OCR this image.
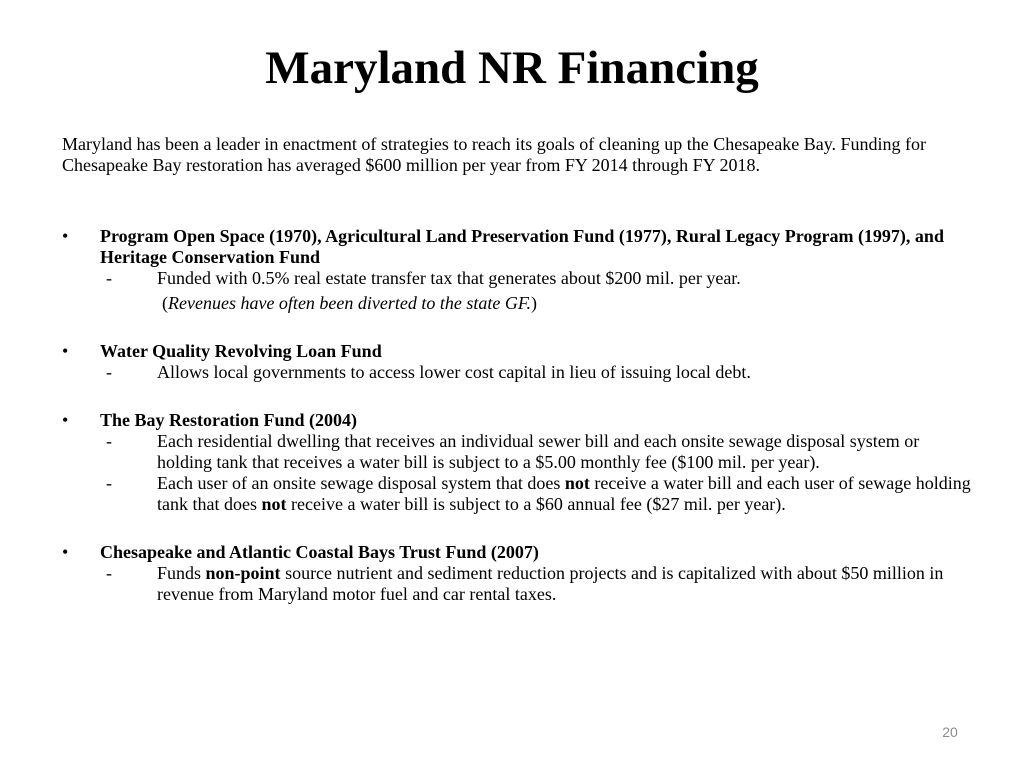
Maryland NR Financing
Maryland has been a leader in enactment of strategies to reach its goals of cleaning up the Chesapeake Bay. Funding for Chesapeake Bay restoration has averaged $600 million per year from FY 2014 through FY 2018.
•	Program Open Space (1970), Agricultural Land Preservation Fund (1977), Rural Legacy Program (1997), and Heritage Conservation Fund
-	Funded with 0.5% real estate transfer tax that generates about $200 mil. per year.
(Revenues have often been diverted to the state GF.)
•	Water Quality Revolving Loan Fund
-	Allows local governments to access lower cost capital in lieu of issuing local debt.
•	The Bay Restoration Fund (2004)
-	Each residential dwelling that receives an individual sewer bill and each onsite sewage disposal system or holding tank that receives a water bill is subject to a $5.00 monthly fee ($100 mil. per year).
-	Each user of an onsite sewage disposal system that does not receive a water bill and each user of sewage holding tank that does not receive a water bill is subject to a $60 annual fee ($27 mil. per year).
•	Chesapeake and Atlantic Coastal Bays Trust Fund (2007)
-	Funds non-point source nutrient and sediment reduction projects and is capitalized with about $50 million in revenue from Maryland motor fuel and car rental taxes.
20
